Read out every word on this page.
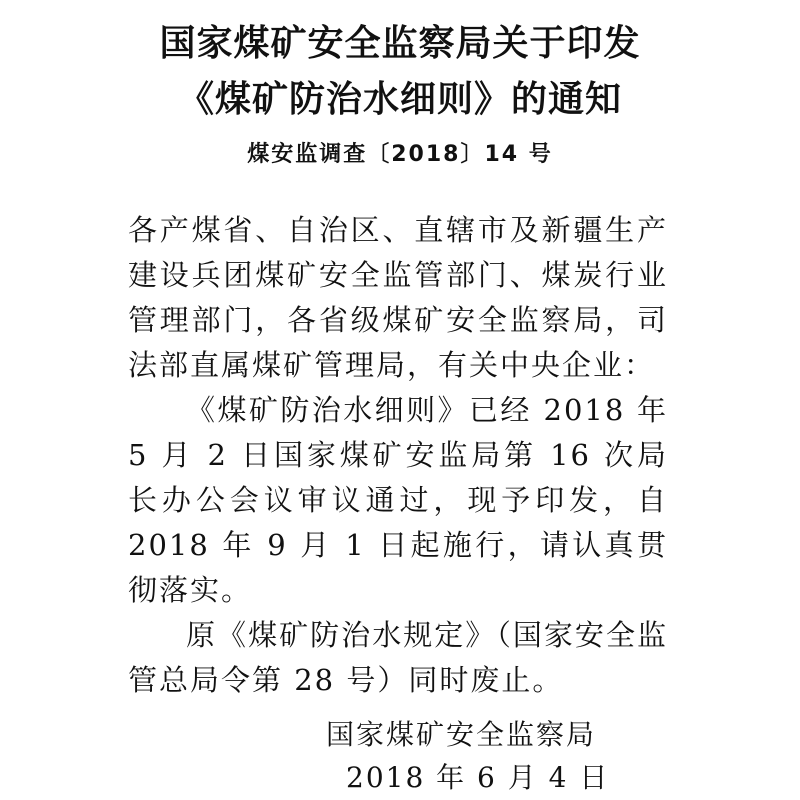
国家煤矿安全监察局关于印发
《煤矿防治水细则》的通知
煤安监调查〔2018〕14 号

各产煤省、自治区、直辖市及新疆生产建设兵团煤矿安全监管部门、煤炭行业管理部门，各省级煤矿安全监察局，司法部直属煤矿管理局，有关中央企业：

《煤矿防治水细则》已经 2018 年 5 月 2 日国家煤矿安监局第 16 次局长办公会议审议通过，现予印发，自 2018 年 9 月 1 日起施行，请认真贯彻落实。

原《煤矿防治水规定》（国家安全监管总局令第 28 号）同时废止。

国家煤矿安全监察局
2018 年 6 月 4 日
